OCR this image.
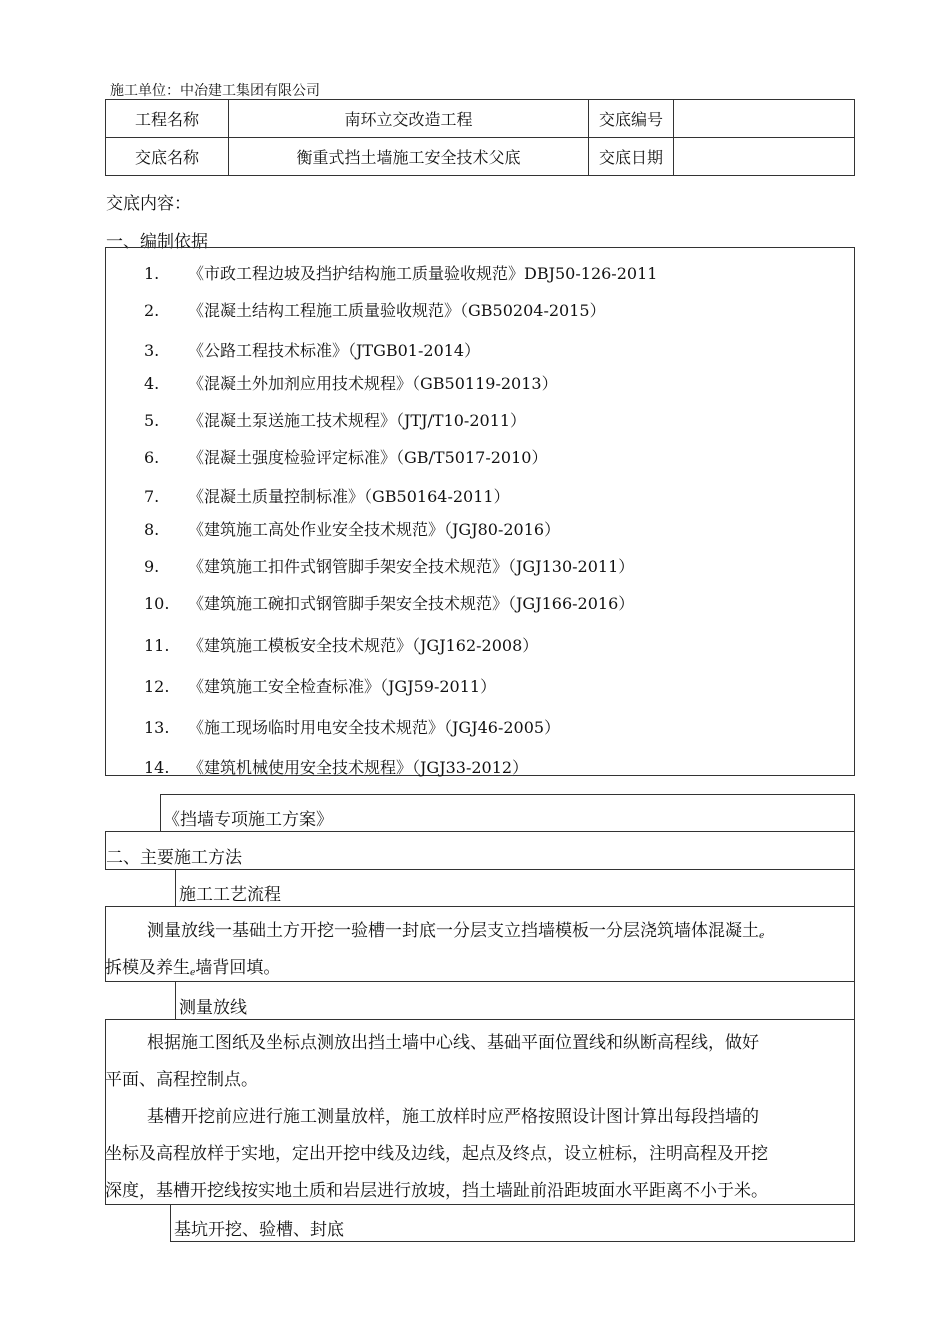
施工单位：中冶建工集团有限公司
工程名称	南环立交改造工程	交底编号	
交底名称	衡重式挡土墙施工安全技术父底	交底日期	
交底内容：
一、编制依据
1. 《市政工程边坡及挡护结构施工质量验收规范》DBJ50-126-2011
2. 《混凝土结构工程施工质量验收规范》（GB50204-2015）
3. 《公路工程技术标准》（JTGB01-2014）
4. 《混凝土外加剂应用技术规程》（GB50119-2013）
5. 《混凝土泵送施工技术规程》（JTJ/T10-2011）
6. 《混凝土强度检验评定标准》（GB/T5017-2010）
7. 《混凝土质量控制标准》（GB50164-2011）
8. 《建筑施工高处作业安全技术规范》（JGJ80-2016）
9. 《建筑施工扣件式钢管脚手架安全技术规范》（JGJ130-2011）
10. 《建筑施工碗扣式钢管脚手架安全技术规范》（JGJ166-2016）
11. 《建筑施工模板安全技术规范》（JGJ162-2008）
12. 《建筑施工安全检查标准》（JGJ59-2011）
13. 《施工现场临时用电安全技术规范》（JGJ46-2005）
14. 《建筑机械使用安全技术规程》（JGJ33-2012）
《挡墙专项施工方案》
二、主要施工方法
施工工艺流程
测量放线一基础土方开挖一验槽一封底一分层支立挡墙模板一分层浇筑墙体混凝土ℯ
拆模及养生ℯ墙背回填。
测量放线
根据施工图纸及坐标点测放出挡土墙中心线、基础平面位置线和纵断高程线，做好
平面、高程控制点。
基槽开挖前应进行施工测量放样，施工放样时应严格按照设计图计算出每段挡墙的
坐标及高程放样于实地，定出开挖中线及边线，起点及终点，设立桩标，注明高程及开挖
深度，基槽开挖线按实地土质和岩层进行放坡，挡土墙趾前沿距坡面水平距离不小于米。
基坑开挖、验槽、封底
